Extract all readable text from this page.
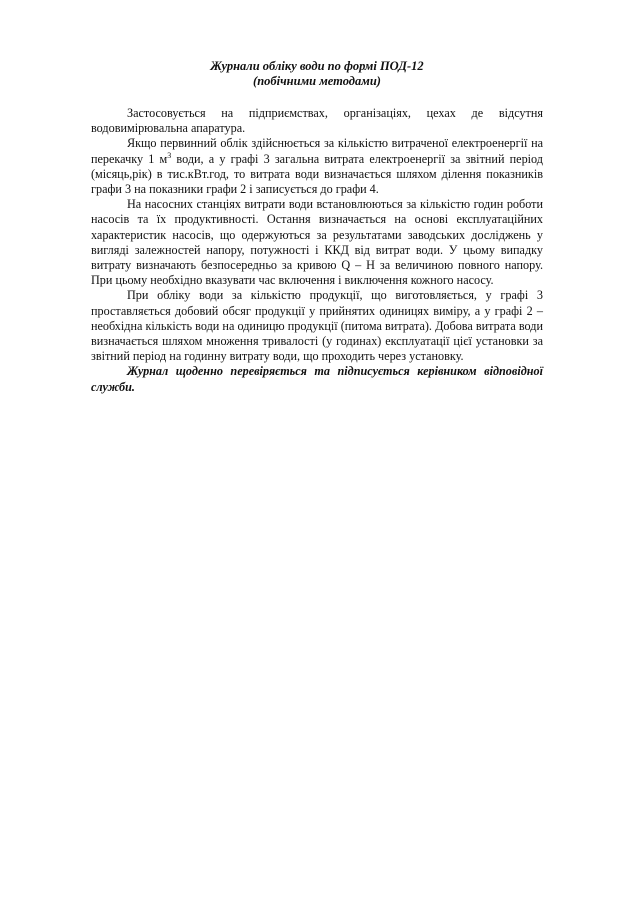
Журнали обліку води по формі ПОД-12

(побічними методами)

Застосовується на підприємствах, організаціях, цехах де відсутня водовимірювальна апаратура.

Якщо первинний облік здійснюється за кількістю витраченої електроенергії на перекачку 1 $м^3$ води, а у графі 3 загальна витрата електроенергії за звітний період (місяць,рік) в тис.кВт.год, то витрата води визначається шляхом ділення показників графи 3 на показники графи 2 і записується до графи 4.

На насосних станціях витрати води встановлюються за кількістю годин роботи насосів та їх продуктивності. Остання визначається на основі експлуатаційних характеристик насосів, що одержуються за результатами заводських досліджень у вигляді залежностей напору, потужності і ККД від витрат води. У цьому випадку витрату визначають безпосередньо за кривою Q – H за величиною повного напору. При цьому необхідно вказувати час включення і виключення кожного насосу.

При обліку води за кількістю продукції, що виготовляється, у графі 3 проставляється добовий обсяг продукції у прийнятих одиницях виміру, а у графі 2 – необхідна кількість води на одиницю продукції (питома витрата). Добова витрата води визначається шляхом множення тривалості (у годинах) експлуатації цієї установки за звітний період на годинну витрату води, що проходить через установку.

Журнал щоденно перевіряється та підписується керівником відповідної служби.
